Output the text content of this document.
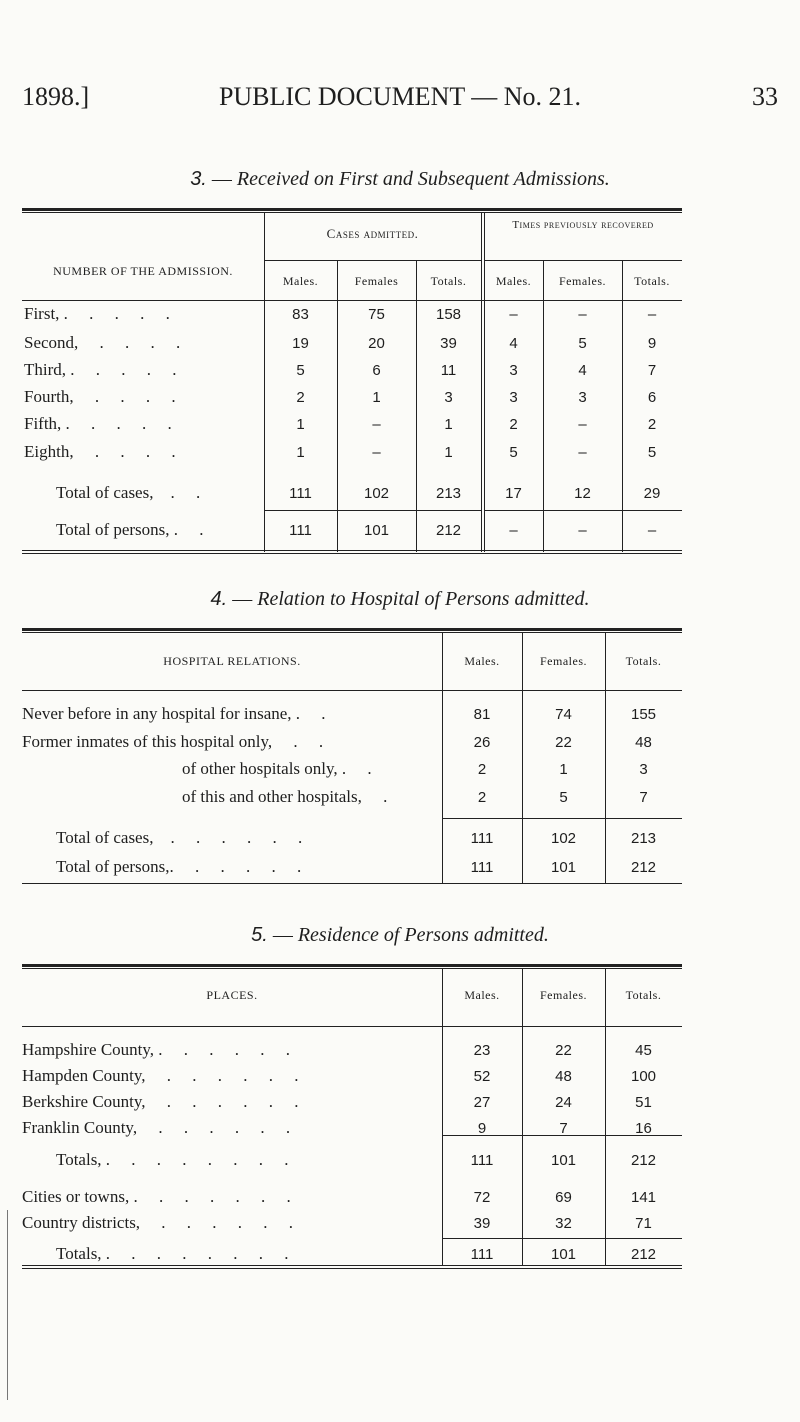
1898.]	PUBLIC DOCUMENT — No. 21.	33
3. — Received on First and Subsequent Admissions.
NUMBER OF THE ADMISSION.
Cases admitted.
Times previously recovered
Males.	Females	Totals.	Males.	Females.	Totals.
First, .     .     .     .     .	83	75	158	–	–	–
Second,     .     .     .     .	19	20	39	4	5	9
Third, .     .     .     .     .	5	6	11	3	4	7
Fourth,     .     .     .     .	2	1	3	3	3	6
Fifth, .     .     .     .     .	1	–	1	2	–	2
Eighth,     .     .     .     .	1	–	1	5	–	5
Total of cases,    .     .	111	102	213	17	12	29
Total of persons, .     .	111	101	212	–	–	–
4. — Relation to Hospital of Persons admitted.
HOSPITAL RELATIONS.	Males.	Females.	Totals.
Never before in any hospital for insane, .     .	81	74	155
Former inmates of this hospital only,     .     .	26	22	48
of other hospitals only, .     .	2	1	3
of this and other hospitals,     .	2	5	7
Total of cases,    .     .     .     .     .     .	111	102	213
Total of persons,.     .     .     .     .     .	111	101	212
5. — Residence of Persons admitted.
PLACES.	Males.	Females.	Totals.
Hampshire County, .     .     .     .     .     .	23	22	45
Hampden County,     .     .     .     .     .     .	52	48	100
Berkshire County,     .     .     .     .     .     .	27	24	51
Franklin County,     .     .     .     .     .     .	9	7	16
Totals, .     .     .     .     .     .     .     .	111	101	212
Cities or towns, .     .     .     .     .     .     .	72	69	141
Country districts,     .     .     .     .     .     .	39	32	71
Totals, .     .     .     .     .     .     .     .	111	101	212
